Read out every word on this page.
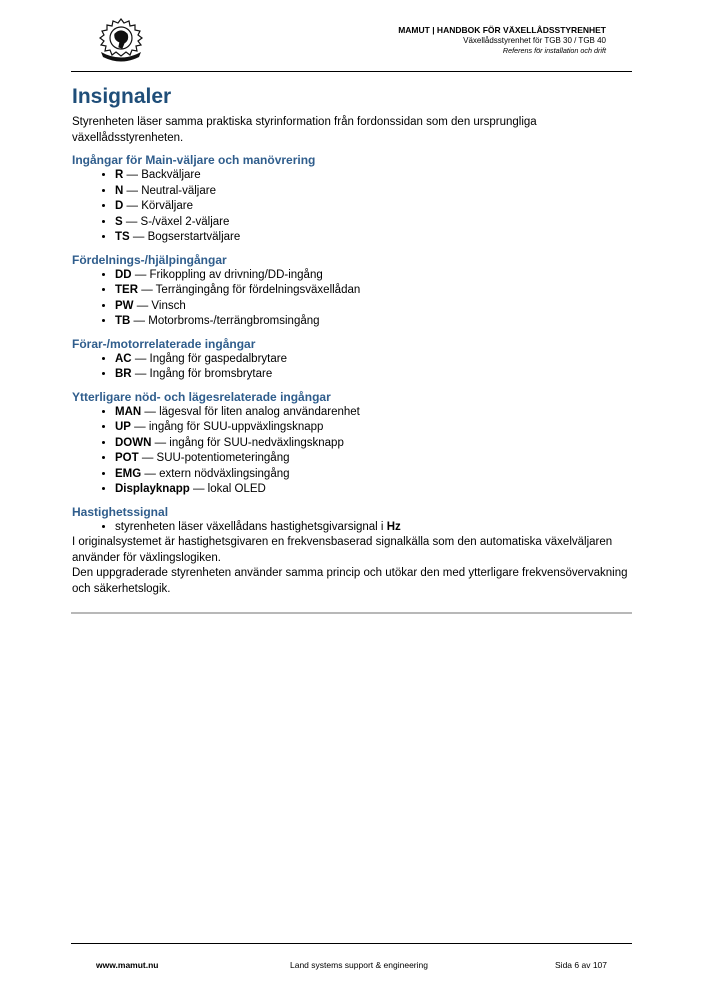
MAMUT | HANDBOK FÖR VÄXELLÅDSSTYRENHET
Växellådsstyrenhet för TGB 30 / TGB 40
Referens för installation och drift
Insignaler

Styrenheten läser samma praktiska styrinformation från fordonssidan som den ursprungliga växellådsstyrenheten.

Ingångar för Main-väljare och manövrering
• R — Backväljare
• N — Neutral-väljare
• D — Körväljare
• S — S-/växel 2-väljare
• TS — Bogserstartväljare
Fördelnings-/hjälpingångar
• DD — Frikoppling av drivning/DD-ingång
• TER — Terrängingång för fördelningsväxellådan
• PW — Vinsch
• TB — Motorbroms-/terrängbromsingång
Förar-/motorrelaterade ingångar
• AC — Ingång för gaspedalbrytare
• BR — Ingång för bromsbrytare
Ytterligare nöd- och lägesrelaterade ingångar
• MAN — lägesval för liten analog användarenhet
• UP — ingång för SUU-uppväxlingsknapp
• DOWN — ingång för SUU-nedväxlingsknapp
• POT — SUU-potentiometeringång
• EMG — extern nödväxlingsingång
• Displayknapp — lokal OLED
Hastighetssignal
• styrenheten läser växellådans hastighetsgivarsignal i Hz

I originalsystemet är hastighetsgivaren en frekvensbaserad signalkälla som den automatiska växelväljaren använder för växlingslogiken.

Den uppgraderade styrenheten använder samma princip och utökar den med ytterligare frekvensövervakning och säkerhetslogik.

www.mamut.nu	Land systems support & engineering	Sida 6 av 107
